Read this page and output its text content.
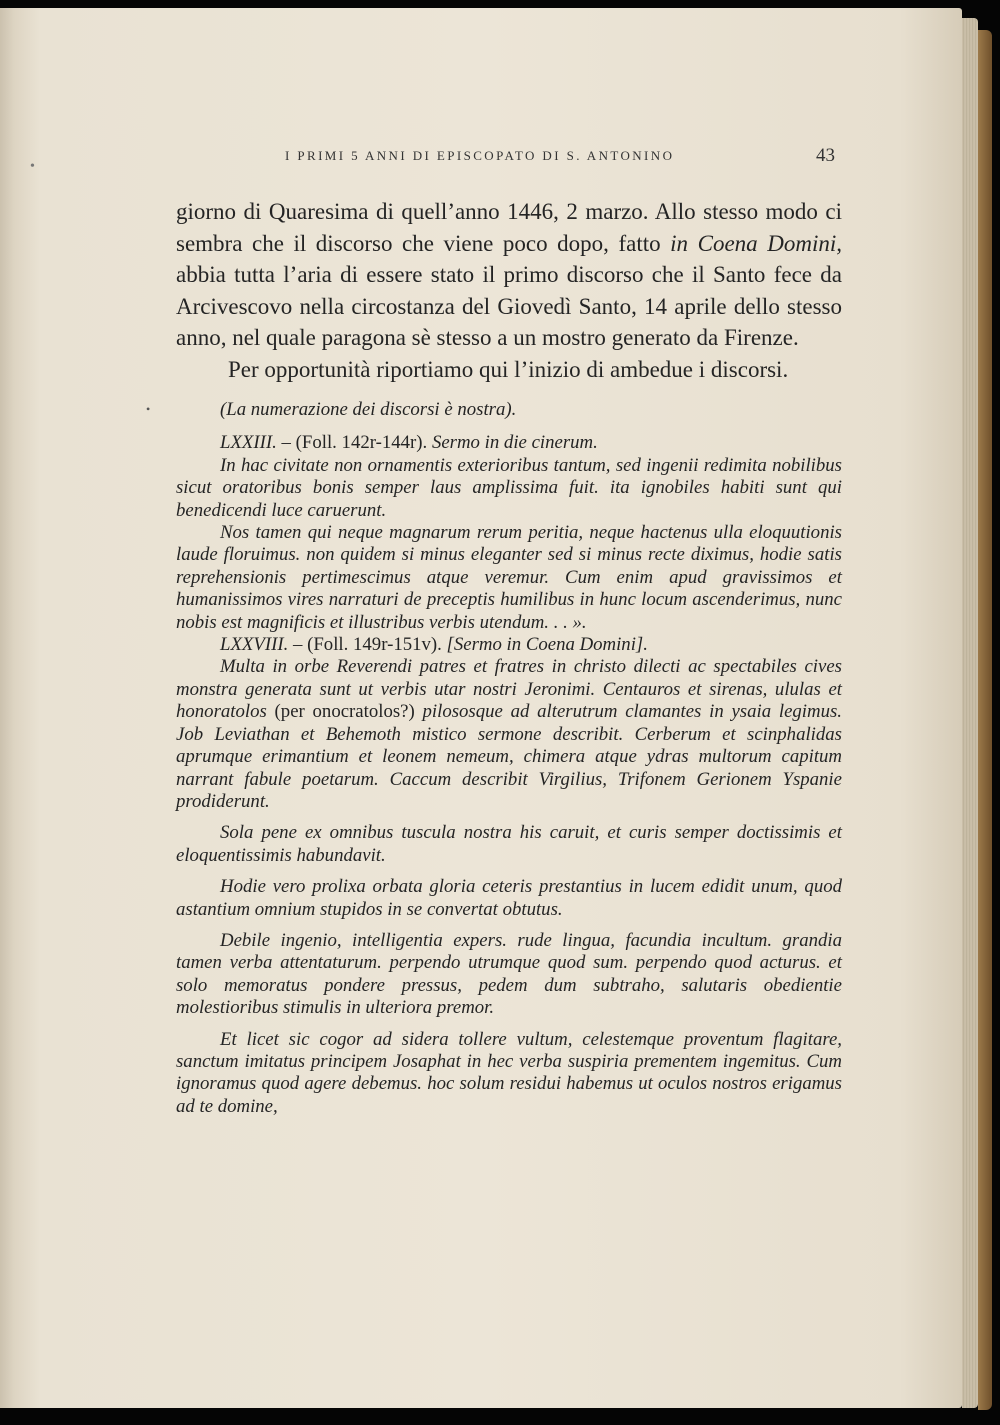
•
•
I PRIMI 5 ANNI DI EPISCOPATO DI S. ANTONINO	43

giorno di Quaresima di quell’anno 1446, 2 marzo. Allo stesso modo ci sembra che il discorso che viene poco dopo, fatto in Coena Domini, abbia tutta l’aria di essere stato il primo discorso che il Santo fece da Arcivescovo nella circostanza del Giovedì Santo, 14 aprile dello stesso anno, nel quale paragona sè stesso a un mostro generato da Firenze.

Per opportunità riportiamo qui l’inizio di ambedue i discorsi.

(La numerazione dei discorsi è nostra).

LXXIII. – (Foll. 142r-144r). Sermo in die cinerum.

In hac civitate non ornamentis exterioribus tantum, sed ingenii redimita nobilibus sicut oratoribus bonis semper laus amplissima fuit. ita ignobiles habiti sunt qui benedicendi luce caruerunt.

Nos tamen qui neque magnarum rerum peritia, neque hactenus ulla eloquutionis laude floruimus. non quidem si minus eleganter sed si minus recte diximus, hodie satis reprehensionis pertimescimus atque veremur. Cum enim apud gravissimos et humanissimos vires narraturi de preceptis humilibus in hunc locum ascenderimus, nunc nobis est magnificis et illustribus verbis utendum. . . ».

LXXVIII. – (Foll. 149r-151v). [Sermo in Coena Domini].

Multa in orbe Reverendi patres et fratres in christo dilecti ac spectabiles cives monstra generata sunt ut verbis utar nostri Jeronimi. Centauros et sirenas, ululas et honoratolos (per onocratolos?) pilososque ad alterutrum clamantes in ysaia legimus. Job Leviathan et Behemoth mistico sermone describit. Cerberum et scinphalidas aprumque erimantium et leonem nemeum, chimera atque ydras multorum capitum narrant fabule poetarum. Caccum describit Virgilius, Trifonem Gerionem Yspanie prodiderunt.

Sola pene ex omnibus tuscula nostra his caruit, et curis semper doctissimis et eloquentissimis habundavit.

Hodie vero prolixa orbata gloria ceteris prestantius in lucem edidit unum, quod astantium omnium stupidos in se convertat obtutus.

Debile ingenio, intelligentia expers. rude lingua, facundia incultum. grandia tamen verba attentaturum. perpendo utrumque quod sum. perpendo quod acturus. et solo memoratus pondere pressus, pedem dum subtraho, salutaris obedientie molestioribus stimulis in ulteriora premor.

Et licet sic cogor ad sidera tollere vultum, celestemque proventum flagitare, sanctum imitatus principem Josaphat in hec verba suspiria prementem ingemitus. Cum ignoramus quod agere debemus. hoc solum residui habemus ut oculos nostros erigamus ad te domine,
